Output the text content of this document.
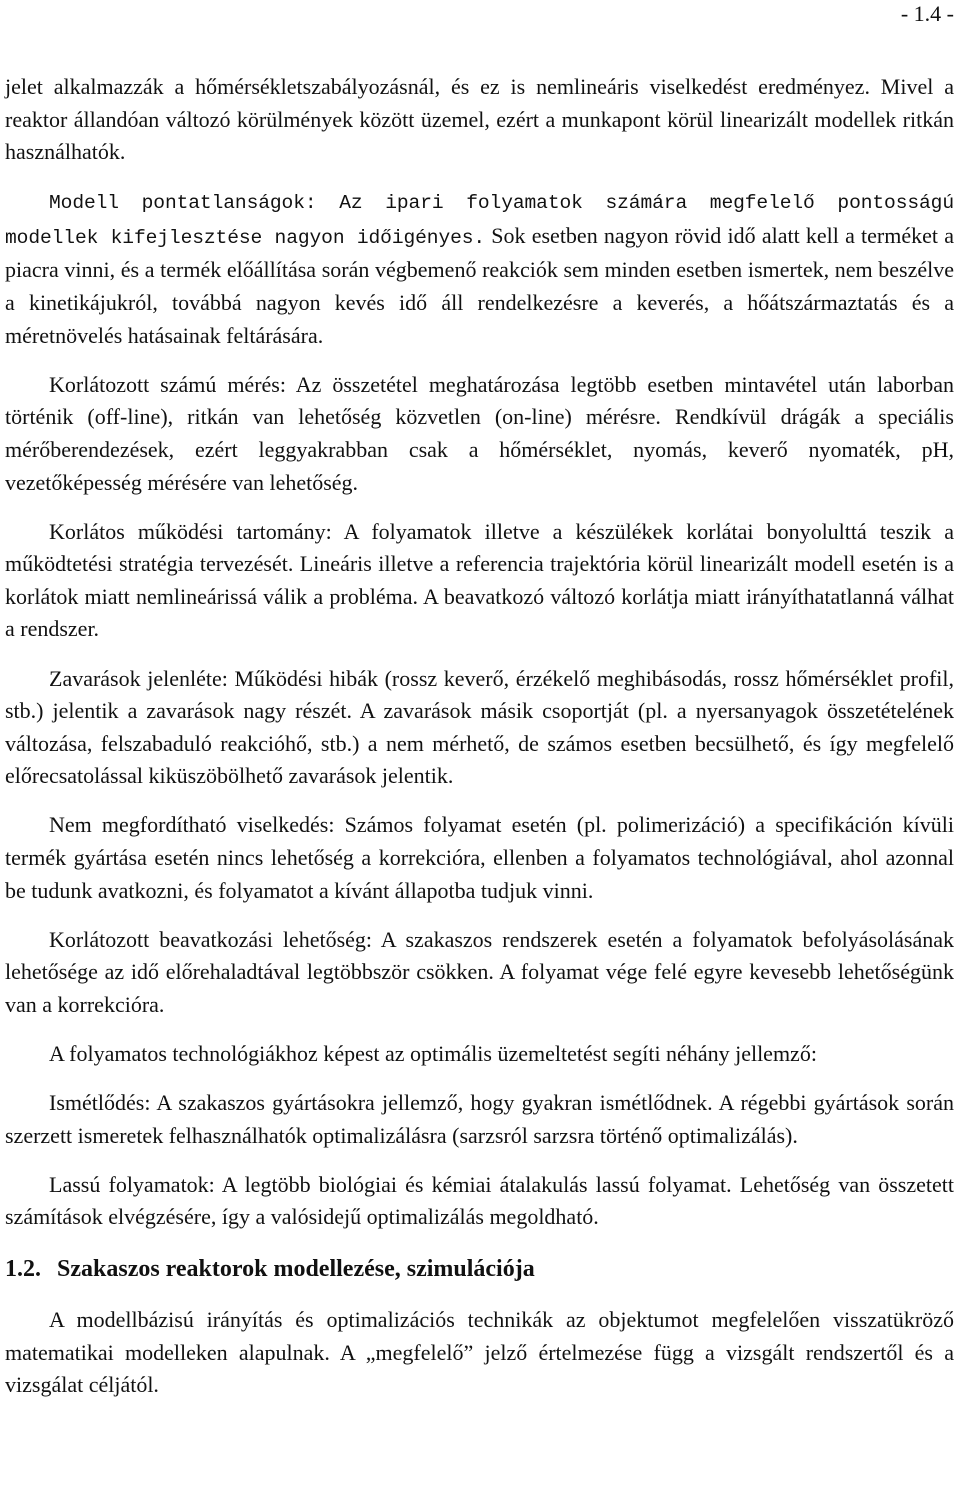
- 1.4 -

jelet alkalmazzák a hőmérsékletszabályozásnál, és ez is nemlineáris viselkedést eredményez. Mivel a reaktor állandóan változó körülmények között üzemel, ezért a munkapont körül linearizált modellek ritkán használhatók.

Modell pontatlanságok: Az ipari folyamatok számára megfelelő pontosságú modellek kifejlesztése nagyon időigényes. Sok esetben nagyon rövid idő alatt kell a terméket a piacra vinni, és a termék előállítása során végbemenő reakciók sem minden esetben ismertek, nem beszélve a kinetikájukról, továbbá nagyon kevés idő áll rendelkezésre a keverés, a hőátszármaztatás és a méretnövelés hatásainak feltárására.

Korlátozott számú mérés: Az összetétel meghatározása legtöbb esetben mintavétel után laborban történik (off-line), ritkán van lehetőség közvetlen (on-line) mérésre. Rendkívül drágák a speciális mérőberendezések, ezért leggyakrabban csak a hőmérséklet, nyomás, keverő nyomaték, pH, vezetőképesség mérésére van lehetőség.

Korlátos működési tartomány: A folyamatok illetve a készülékek korlátai bonyolulttá teszik a működtetési stratégia tervezését. Lineáris illetve a referencia trajektória körül linearizált modell esetén is a korlátok miatt nemlineárissá válik a probléma. A beavatkozó változó korlátja miatt irányíthatatlanná válhat a rendszer.

Zavarások jelenléte: Működési hibák (rossz keverő, érzékelő meghibásodás, rossz hőmérséklet profil, stb.) jelentik a zavarások nagy részét. A zavarások másik csoportját (pl. a nyersanyagok összetételének változása, felszabaduló reakcióhő, stb.) a nem mérhető, de számos esetben becsülhető, és így megfelelő előrecsatolással kiküszöbölhető zavarások jelentik.

Nem megfordítható viselkedés: Számos folyamat esetén (pl. polimerizáció) a specifikáción kívüli termék gyártása esetén nincs lehetőség a korrekcióra, ellenben a folyamatos technológiával, ahol azonnal be tudunk avatkozni, és folyamatot a kívánt állapotba tudjuk vinni.

Korlátozott beavatkozási lehetőség: A szakaszos rendszerek esetén a folyamatok befolyásolásának lehetősége az idő előrehaladtával legtöbbször csökken. A folyamat vége felé egyre kevesebb lehetőségünk van a korrekcióra.

A folyamatos technológiákhoz képest az optimális üzemeltetést segíti néhány jellemző:

Ismétlődés: A szakaszos gyártásokra jellemző, hogy gyakran ismétlődnek. A régebbi gyártások során szerzett ismeretek felhasználhatók optimalizálásra (sarzsról sarzsra történő optimalizálás).

Lassú folyamatok: A legtöbb biológiai és kémiai átalakulás lassú folyamat. Lehetőség van összetett számítások elvégzésére, így a valósidejű optimalizálás megoldható.

1.2. Szakaszos reaktorok modellezése, szimulációja

A modellbázisú irányítás és optimalizációs technikák az objektumot megfelelően visszatükröző matematikai modelleken alapulnak. A „megfelelő” jelző értelmezése függ a vizsgált rendszertől és a vizsgálat céljától.
